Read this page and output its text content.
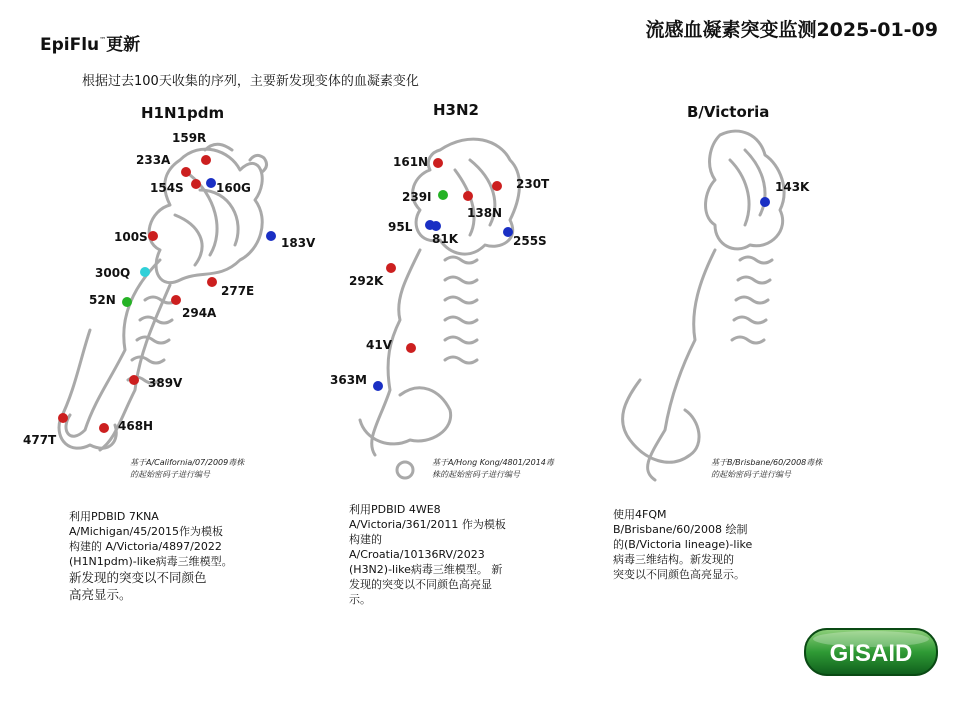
EpiFlu™更新
流感血凝素突变监测2025-01-09
根据过去100天收集的序列，主要新发现变体的血凝素变化
H1N1pdm	H3N2	B/Victoria
159R
233A
154S	160G
100S	183V
300Q
277E
52N
294A
389V
468H
477T
161N
230T
239I
138N
95L
81K	255S
292K
41V
363M
143K
基于A/California/07/2009毒株
的起始密码子进行编号
基于A/Hong Kong/4801/2014毒
株的起始密码子进行编号
基于B/Brisbane/60/2008毒株
的起始密码子进行编号
利用PDBID 7KNA
A/Michigan/45/2015作为模板
构建的 A/Victoria/4897/2022
(H1N1pdm)-like病毒三维模型。
新发现的突变以不同颜色
高亮显示。
利用PDBID 4WE8
A/Victoria/361/2011 作为模板
构建的
A/Croatia/10136RV/2023
(H3N2)-like病毒三维模型。 新
发现的突变以不同颜色高亮显
示。
使用4FQM
B/Brisbane/60/2008 绘制
的(B/Victoria lineage)-like
病毒三维结构。新发现的
突变以不同颜色高亮显示。
GISAID
